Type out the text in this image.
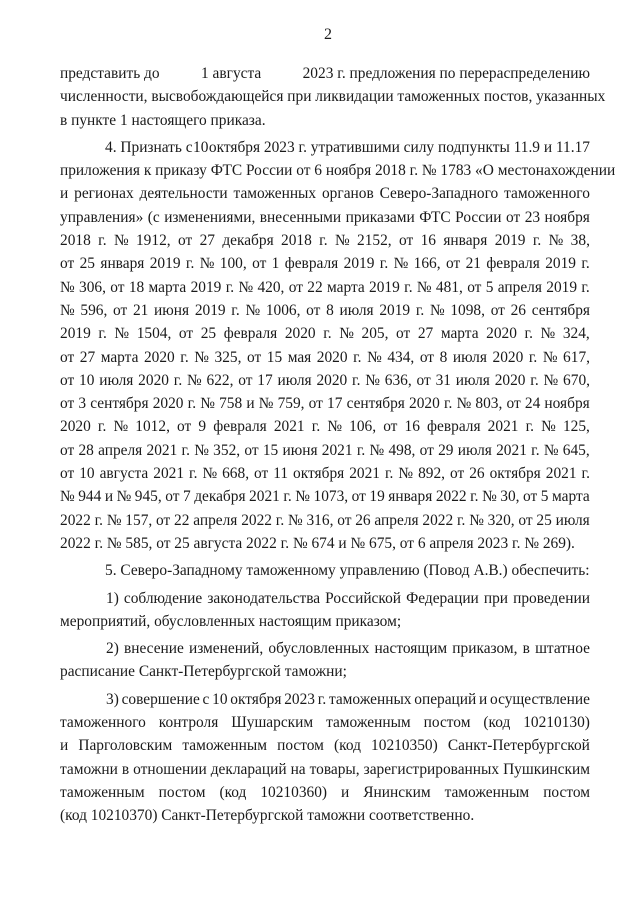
2
представить до	1 августа	2023 г. предложения по перераспределению
численности, высвобождающейся при ликвидации таможенных постов, указанных
в пункте 1 настоящего приказа.
4. Признать с 10 октября 2023 г. утратившими силу подпункты 11.9 и 11.17
приложения к приказу ФТС России от 6 ноября 2018 г. № 1783 «О местонахождении
и регионах деятельности таможенных органов Северо-Западного таможенного
управления» (с изменениями, внесенными приказами ФТС России от 23 ноября
2018 г. № 1912, от 27 декабря 2018 г. № 2152, от 16 января 2019 г. № 38,
от 25 января 2019 г. № 100, от 1 февраля 2019 г. № 166, от 21 февраля 2019 г.
№ 306, от 18 марта 2019 г. № 420, от 22 марта 2019 г. № 481, от 5 апреля 2019 г.
№ 596, от 21 июня 2019 г. № 1006, от 8 июля 2019 г. № 1098, от 26 сентября
2019 г. № 1504, от 25 февраля 2020 г. № 205, от 27 марта 2020 г. № 324,
от 27 марта 2020 г. № 325, от 15 мая 2020 г. № 434, от 8 июля 2020 г. № 617,
от 10 июля 2020 г. № 622, от 17 июля 2020 г. № 636, от 31 июля 2020 г. № 670,
от 3 сентября 2020 г. № 758 и № 759, от 17 сентября 2020 г. № 803, от 24 ноября
2020 г. № 1012, от 9 февраля 2021 г. № 106, от 16 февраля 2021 г. № 125,
от 28 апреля 2021 г. № 352, от 15 июня 2021 г. № 498, от 29 июля 2021 г. № 645,
от 10 августа 2021 г. № 668, от 11 октября 2021 г. № 892, от 26 октября 2021 г.
№ 944 и № 945, от 7 декабря 2021 г. № 1073, от 19 января 2022 г. № 30, от 5 марта
2022 г. № 157, от 22 апреля 2022 г. № 316, от 26 апреля 2022 г. № 320, от 25 июля
2022 г. № 585, от 25 августа 2022 г. № 674 и № 675, от 6 апреля 2023 г. № 269).
5. Северо-Западному таможенному управлению (Повод А.В.) обеспечить:
1) соблюдение законодательства Российской Федерации при проведении
мероприятий, обусловленных настоящим приказом;
2) внесение изменений, обусловленных настоящим приказом, в штатное
расписание Санкт-Петербургской таможни;
3) совершение с 10 октября 2023 г. таможенных операций и осуществление
таможенного контроля Шушарским таможенным постом (код 10210130)
и Парголовским таможенным постом (код 10210350) Санкт-Петербургской
таможни в отношении деклараций на товары, зарегистрированных Пушкинским
таможенным постом (код 10210360) и Янинским таможенным постом
(код 10210370) Санкт-Петербургской таможни соответственно.
